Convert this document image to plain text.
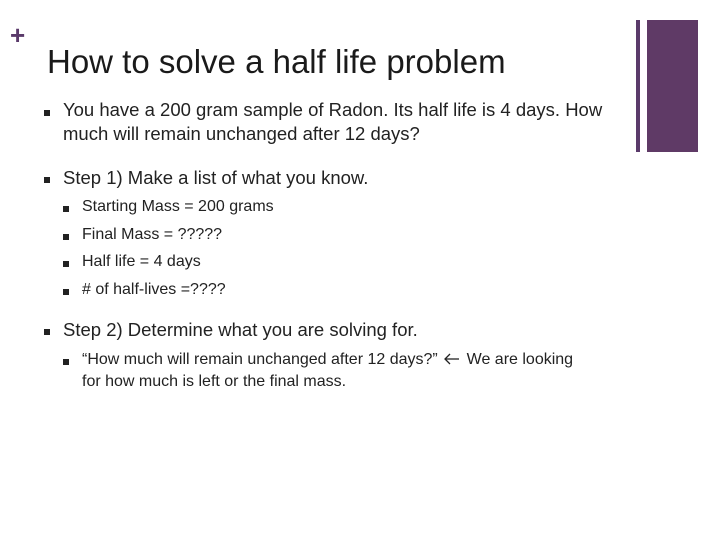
+
How to solve a half life problem
You have a 200 gram sample of Radon. Its half life is 4 days. How much will remain unchanged after 12 days?
Step 1) Make a list of what you know.
Starting Mass = 200 grams
Final Mass = ?????
Half life = 4 days
# of half-lives =????
Step 2) Determine what you are solving for.
“How much will remain unchanged after 12 days?” We are looking for how much is left or the final mass.
